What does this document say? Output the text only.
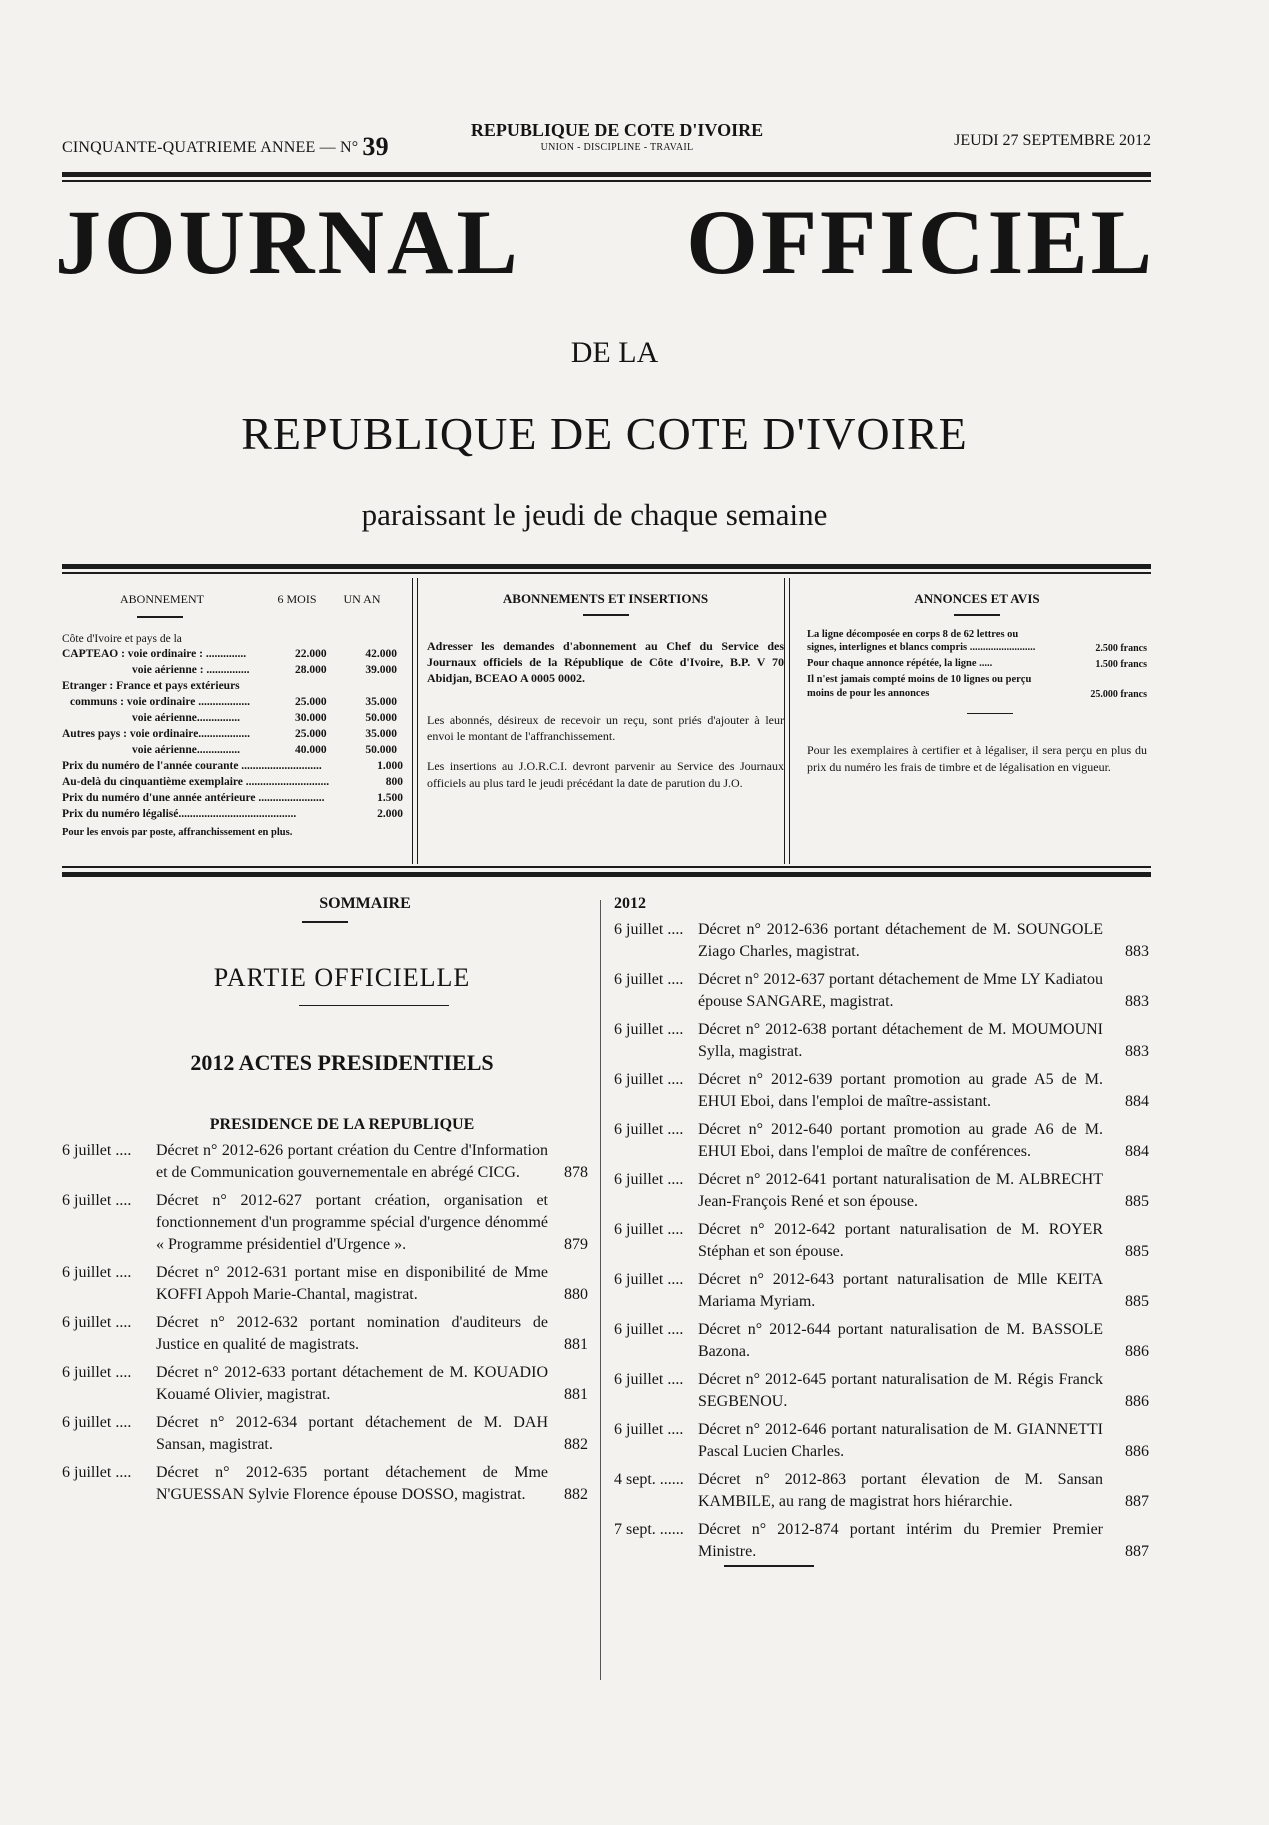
CINQUANTE-QUATRIEME ANNEE — N° 39
REPUBLIQUE DE COTE D'IVOIRE
UNION - DISCIPLINE - TRAVAIL	JEUDI 27 SEPTEMBRE 2012
JOURNAL OFFICIEL
DE LA
REPUBLIQUE DE COTE D'IVOIRE
paraissant le jeudi de chaque semaine
ABONNEMENT	6 MOIS	UN AN
Côte d'Ivoire et pays de la
CAPTEAO : voie ordinaire : ..............	22.000	42.000
voie aérienne : ...............	28.000	39.000
Etranger : France et pays extérieurs
communs : voie ordinaire ..................	25.000	35.000
voie aérienne...............	30.000	50.000
Autres pays : voie ordinaire..................	25.000	35.000
voie aérienne...............	40.000	50.000
Prix du numéro de l'année courante ............................	1.000
Au-delà du cinquantième exemplaire .............................	800
Prix du numéro d'une année antérieure .......................	1.500
Prix du numéro légalisé.........................................	2.000
Pour les envois par poste, affranchissement en plus.
ABONNEMENTS ET INSERTIONS
Adresser les demandes d'abonnement au Chef du Service des Journaux officiels de la République de Côte d'Ivoire, B.P. V 70 Abidjan, BCEAO A 0005 0002.
Les abonnés, désireux de recevoir un reçu, sont priés d'ajouter à leur envoi le montant de l'affranchissement.
Les insertions au J.O.R.C.I. devront parvenir au Service des Journaux officiels au plus tard le jeudi précédant la date de parution du J.O.
ANNONCES ET AVIS
La ligne décomposée en corps 8 de 62 lettres ou signes, interlignes et blancs compris .........................	2.500 francs
Pour chaque annonce répétée, la ligne .....	1.500 francs
Il n'est jamais compté moins de 10 lignes ou perçu moins de pour les annonces	25.000 francs
Pour les exemplaires à certifier et à légaliser, il sera perçu en plus du prix du numéro les frais de timbre et de légalisation en vigueur.
SOMMAIRE
PARTIE OFFICIELLE
2012 ACTES PRESIDENTIELS
PRESIDENCE DE LA REPUBLIQUE
6 juillet ....	Décret n° 2012-626 portant création du Centre d'Information et de Communication gouvernementale en abrégé CICG.	878
6 juillet ....	Décret n° 2012-627 portant création, organisation et fonctionnement d'un programme spécial d'urgence dénommé « Programme présidentiel d'Urgence ».	879
6 juillet ....	Décret n° 2012-631 portant mise en disponibilité de Mme KOFFI Appoh Marie-Chantal, magistrat.	880
6 juillet ....	Décret n° 2012-632 portant nomination d'auditeurs de Justice en qualité de magistrats.	881
6 juillet ....	Décret n° 2012-633 portant détachement de M. KOUADIO Kouamé Olivier, magistrat.	881
6 juillet ....	Décret n° 2012-634 portant détachement de M. DAH Sansan, magistrat.	882
6 juillet ....	Décret n° 2012-635 portant détachement de Mme N'GUESSAN Sylvie Florence épouse DOSSO, magistrat.	882
2012
6 juillet .... Décret n° 2012-636 portant détachement de M. SOUNGOLE Ziago Charles, magistrat.	883
6 juillet .... Décret n° 2012-637 portant détachement de Mme LY Kadiatou épouse SANGARE, magistrat.	883
6 juillet .... Décret n° 2012-638 portant détachement de M. MOUMOUNI Sylla, magistrat.	883
6 juillet .... Décret n° 2012-639 portant promotion au grade A5 de M. EHUI Eboi, dans l'emploi de maître-assistant.	884
6 juillet .... Décret n° 2012-640 portant promotion au grade A6 de M. EHUI Eboi, dans l'emploi de maître de conférences.	884
6 juillet .... Décret n° 2012-641 portant naturalisation de M. ALBRECHT Jean-François René et son épouse.	885
6 juillet .... Décret n° 2012-642 portant naturalisation de M. ROYER Stéphan et son épouse.	885
6 juillet .... Décret n° 2012-643 portant naturalisation de Mlle KEITA Mariama Myriam.	885
6 juillet .... Décret n° 2012-644 portant naturalisation de M. BASSOLE Bazona.	886
6 juillet .... Décret n° 2012-645 portant naturalisation de M. Régis Franck SEGBENOU.	886
6 juillet .... Décret n° 2012-646 portant naturalisation de M. GIANNETTI Pascal Lucien Charles.	886
4 sept. ...... Décret n° 2012-863 portant élevation de M. Sansan KAMBILE, au rang de magistrat hors hiérarchie.	887
7 sept. ...... Décret n° 2012-874 portant intérim du Premier Premier Ministre.	887
